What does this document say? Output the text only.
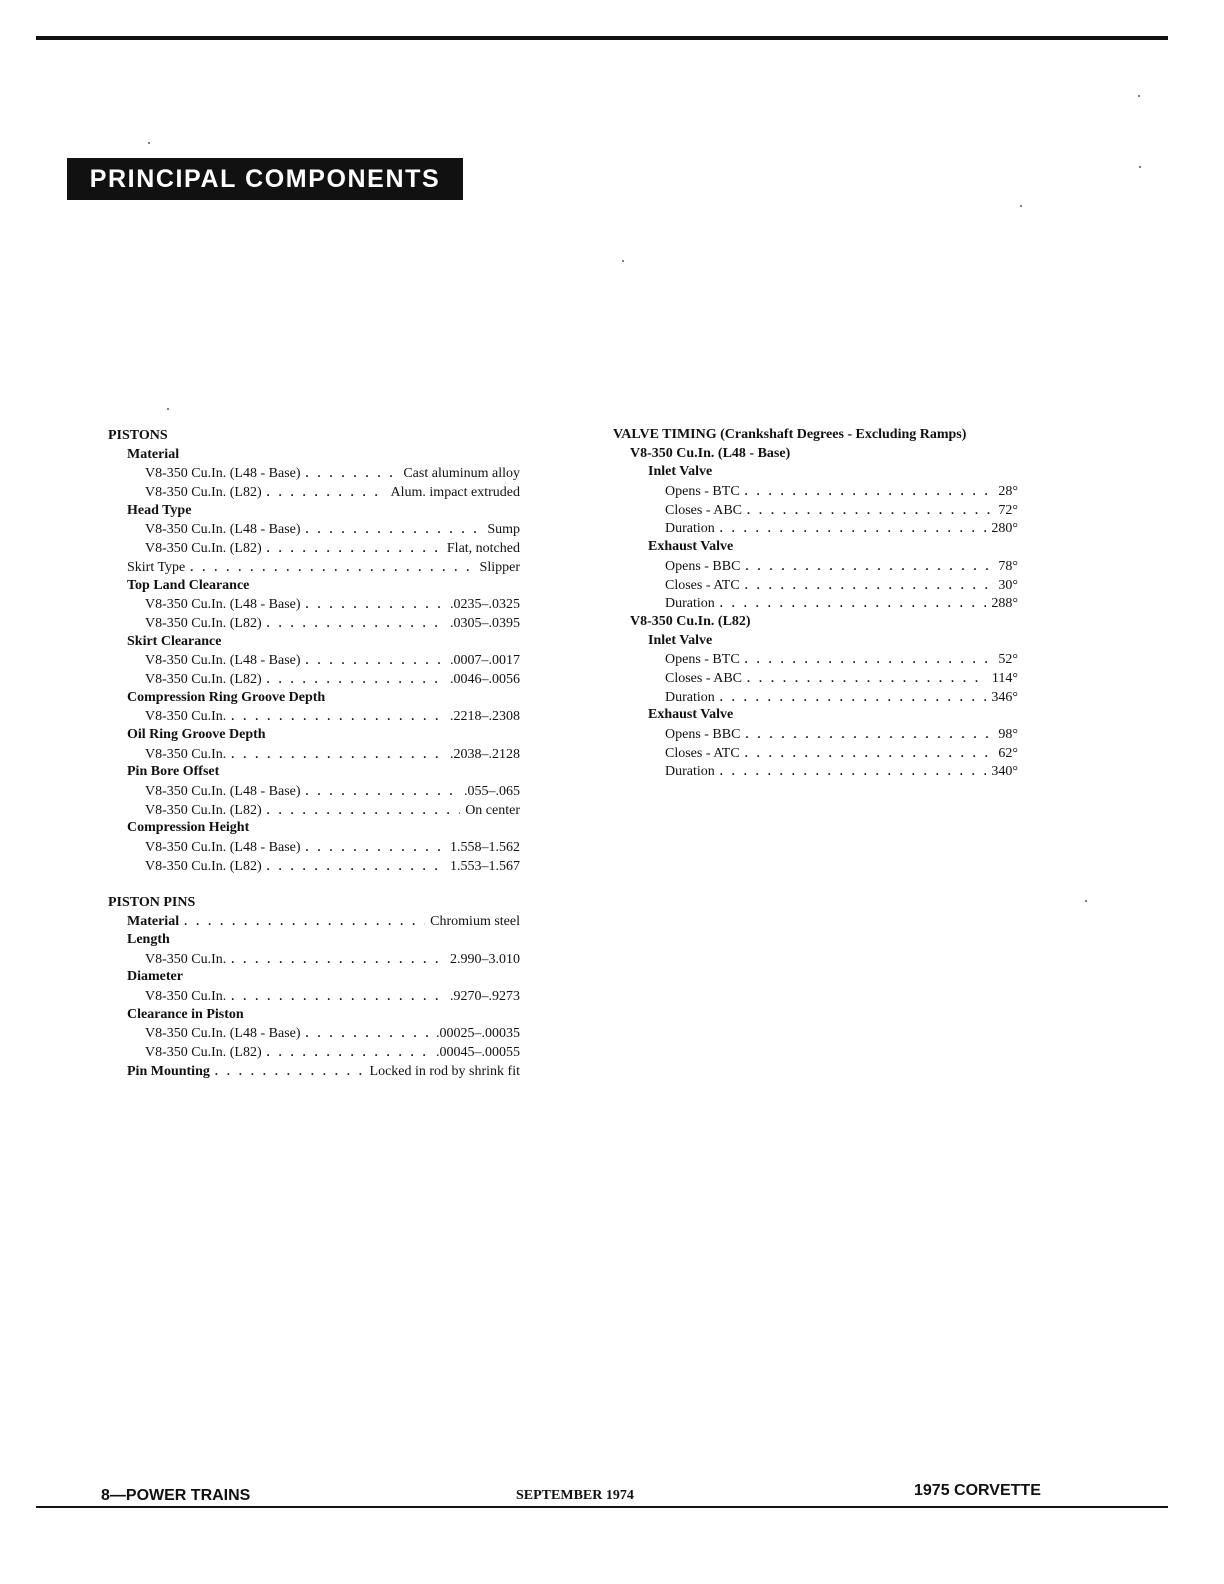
PRINCIPAL COMPONENTS
PISTONS
Material
V8-350 Cu.In. (L48 - Base) . . .	Cast aluminum alloy
V8-350 Cu.In. (L82) . . .	Alum. impact extruded
Head Type
V8-350 Cu.In. (L48 - Base) . . .	Sump
V8-350 Cu.In. (L82) . . .	Flat, notched
Skirt Type . . .	Slipper
Top Land Clearance
V8-350 Cu.In. (L48 - Base) . . .	.0235–.0325
V8-350 Cu.In. (L82) . . .	.0305–.0395
Skirt Clearance
V8-350 Cu.In. (L48 - Base) . . .	.0007–.0017
V8-350 Cu.In. (L82) . . .	.0046–.0056
Compression Ring Groove Depth
V8-350 Cu.In. . . .	.2218–.2308
Oil Ring Groove Depth
V8-350 Cu.In. . . .	.2038–.2128
Pin Bore Offset
V8-350 Cu.In. (L48 - Base) . . .	.055–.065
V8-350 Cu.In. (L82) . . .	On center
Compression Height
V8-350 Cu.In. (L48 - Base) . . .	1.558–1.562
V8-350 Cu.In. (L82) . . .	1.553–1.567
PISTON PINS
Material . . .	Chromium steel
Length
V8-350 Cu.In. . . .	2.990–3.010
Diameter
V8-350 Cu.In. . . .	.9270–.9273
Clearance in Piston
V8-350 Cu.In. (L48 - Base) . . .	.00025–.00035
V8-350 Cu.In. (L82) . . .	.00045–.00055
Pin Mounting . . .	Locked in rod by shrink fit
VALVE TIMING (Crankshaft Degrees - Excluding Ramps)
V8-350 Cu.In. (L48 - Base)
Inlet Valve
Opens - BTC . . .	28°
Closes - ABC . . .	72°
Duration . . .	280°
Exhaust Valve
Opens - BBC . . .	78°
Closes - ATC . . .	30°
Duration . . .	288°
V8-350 Cu.In. (L82)
Inlet Valve
Opens - BTC . . .	52°
Closes - ABC . . .	114°
Duration . . .	346°
Exhaust Valve
Opens - BBC . . .	98°
Closes - ATC . . .	62°
Duration . . .	340°
8—POWER TRAINS	SEPTEMBER 1974	1975 CORVETTE
